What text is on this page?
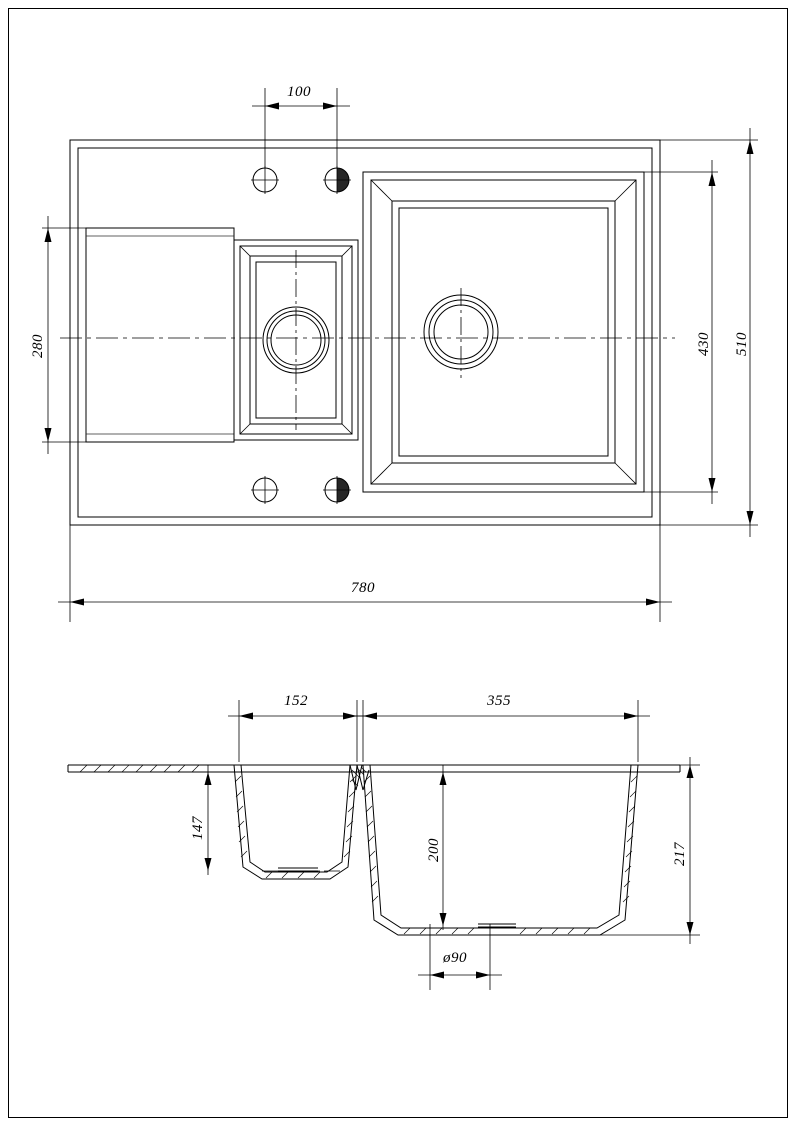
100
280	430 510
780
152	355
147
200	217
ø90
